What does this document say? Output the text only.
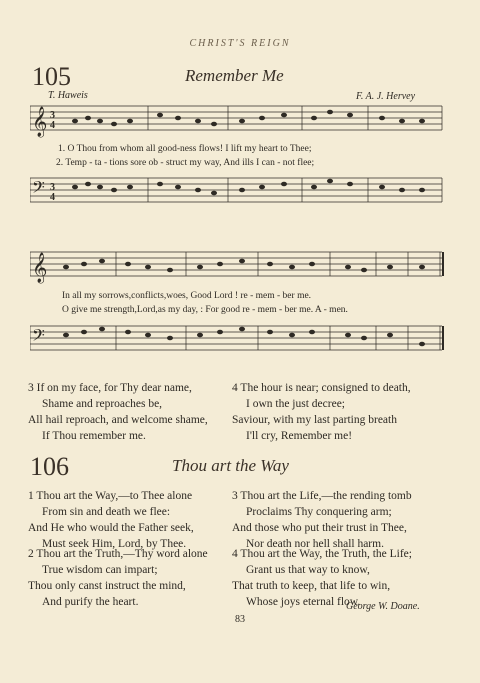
CHRIST'S REIGN
105	Remember Me
T. Haweis	F. A. J. Hervey
𝄞 3
4
1. O Thou from whom all good-ness flows! I lift my heart to Thee;
2. Temp - ta - tions sore ob - struct my way, And ills I can - not flee;
𝄢 3
4
𝄞
In all my sorrows,conflicts,woes, Good Lord ! re - mem - ber me.
O give me strength,Lord,as my day, : For good re - mem - ber me. A - men.
𝄢
3 If on my face, for Thy dear name,
Shame and reproaches be,
All hail reproach, and welcome shame,
If Thou remember me.
4 The hour is near; consigned to death,
I own the just decree;
Saviour, with my last parting breath
I'll cry, Remember me!
106	Thou art the Way
1 Thou art the Way,—to Thee alone
From sin and death we flee:
And He who would the Father seek,
Must seek Him, Lord, by Thee.
2 Thou art the Truth,—Thy word alone
True wisdom can impart;
Thou only canst instruct the mind,
And purify the heart.
3 Thou art the Life,—the rending tomb
Proclaims Thy conquering arm;
And those who put their trust in Thee,
Nor death nor hell shall harm.
4 Thou art the Way, the Truth, the Life;
Grant us that way to know,
That truth to keep, that life to win,
Whose joys eternal flow.
George W. Doane.
83
